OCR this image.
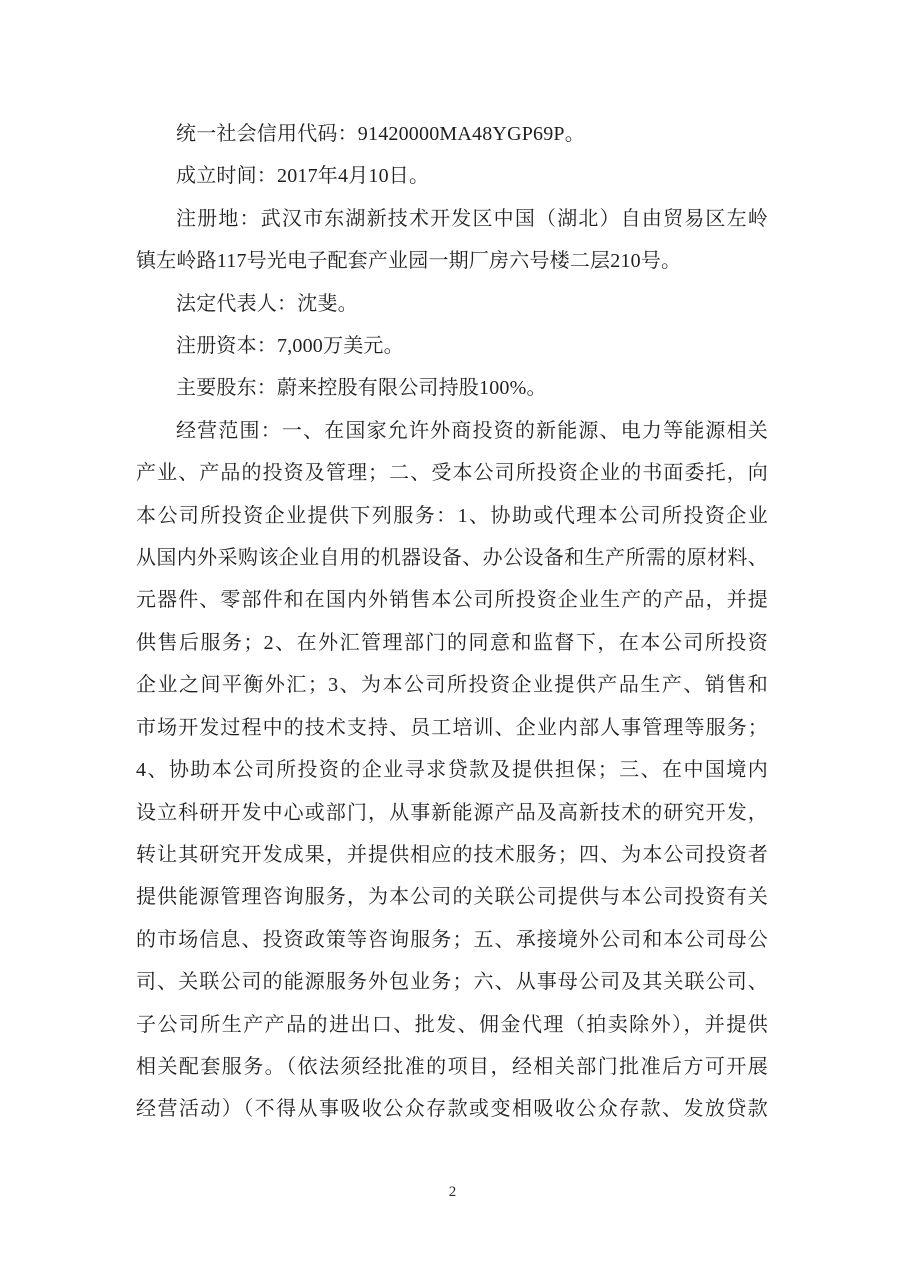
统一社会信用代码：91420000MA48YGP69P。
成立时间：2017年4月10日。
注册地：武汉市东湖新技术开发区中国（湖北）自由贸易区左岭
镇左岭路117号光电子配套产业园一期厂房六号楼二层210号。
法定代表人：沈斐。
注册资本：7,000万美元。
主要股东：蔚来控股有限公司持股100%。
经营范围：一、在国家允许外商投资的新能源、电力等能源相关
产业、产品的投资及管理；二、受本公司所投资企业的书面委托，向
本公司所投资企业提供下列服务：1、协助或代理本公司所投资企业
从国内外采购该企业自用的机器设备、办公设备和生产所需的原材料、
元器件、零部件和在国内外销售本公司所投资企业生产的产品，并提
供售后服务；2、在外汇管理部门的同意和监督下，在本公司所投资
企业之间平衡外汇；3、为本公司所投资企业提供产品生产、销售和
市场开发过程中的技术支持、员工培训、企业内部人事管理等服务；
4、协助本公司所投资的企业寻求贷款及提供担保；三、在中国境内
设立科研开发中心或部门，从事新能源产品及高新技术的研究开发，
转让其研究开发成果，并提供相应的技术服务；四、为本公司投资者
提供能源管理咨询服务，为本公司的关联公司提供与本公司投资有关
的市场信息、投资政策等咨询服务；五、承接境外公司和本公司母公
司、关联公司的能源服务外包业务；六、从事母公司及其关联公司、
子公司所生产产品的进出口、批发、佣金代理（拍卖除外），并提供
相关配套服务。（依法须经批准的项目，经相关部门批准后方可开展
经营活动）（不得从事吸收公众存款或变相吸收公众存款、发放贷款
2
